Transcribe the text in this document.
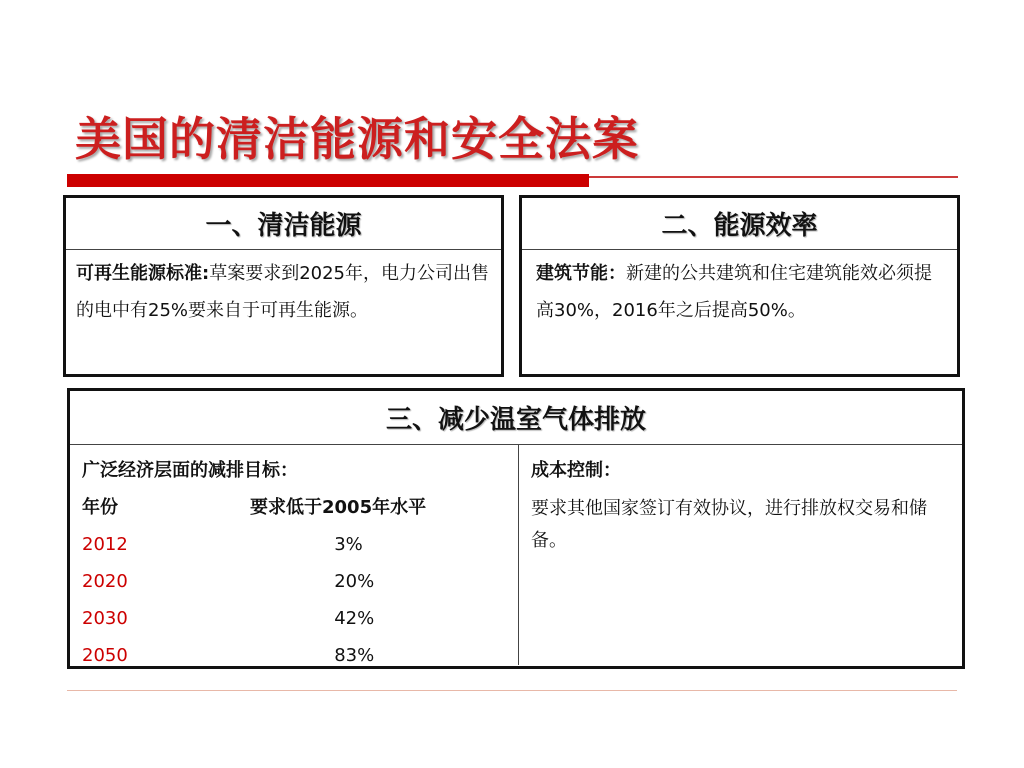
美国的清洁能源和安全法案
一、清洁能源
可再生能源标准:草案要求到2025年，电力公司出售的电中有25%要来自于可再生能源。
二、能源效率
建筑节能：新建的公共建筑和住宅建筑能效必须提高30%，2016年之后提高50%。
三、减少温室气体排放
广泛经济层面的减排目标：
年份	要求低于2005年水平
2012	3%
2020	20%
2030	42%
2050	83%
成本控制：
要求其他国家签订有效协议，进行排放权交易和储备。
